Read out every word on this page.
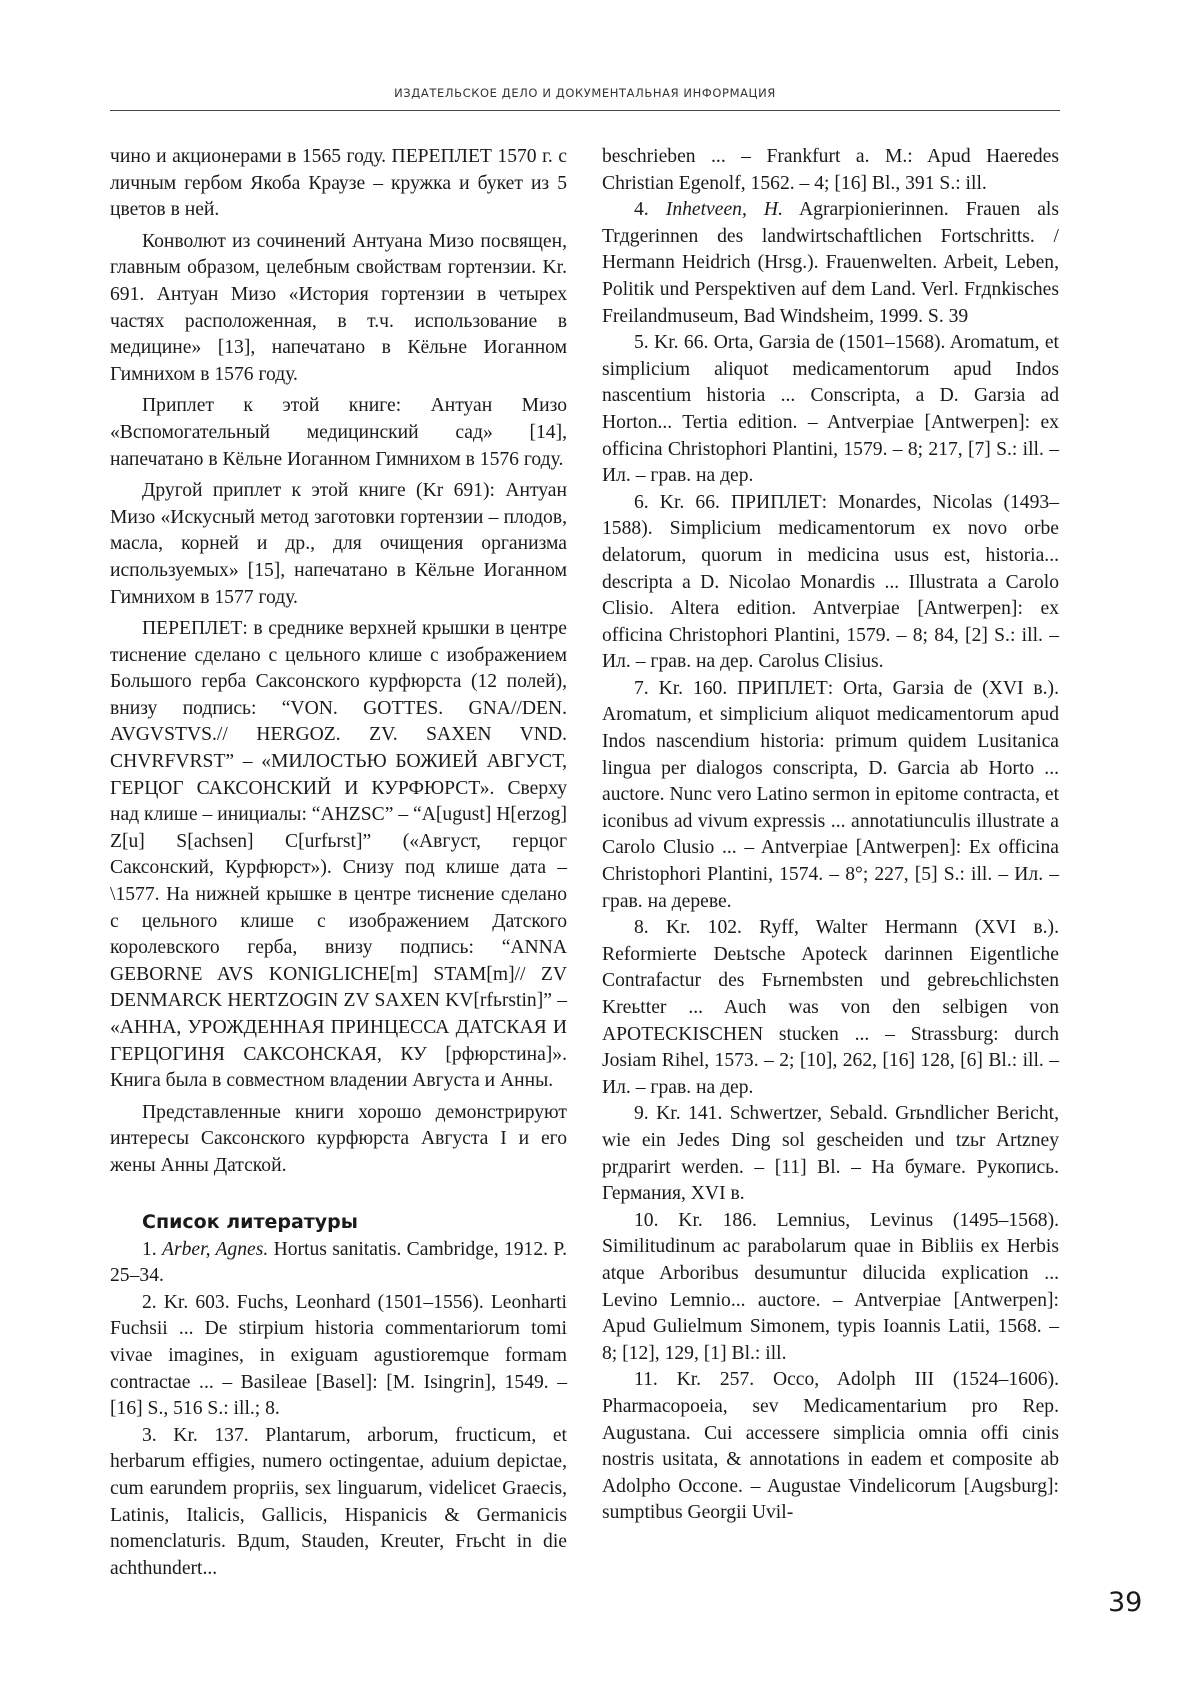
ИЗДАТЕЛЬСКОЕ ДЕЛО И ДОКУМЕНТАЛЬНАЯ ИНФОРМАЦИЯ

чино и акционерами в 1565 году. ПЕРЕПЛЕТ 1570 г. с личным гербом Якоба Краузе – кружка и букет из 5 цветов в ней.

Конволют из сочинений Антуана Мизо посвящен, главным образом, целебным свойствам гортензии. Kr. 691. Антуан Мизо «История гортензии в четырех частях расположенная, в т.ч. использование в медицине» [13], напечатано в Кёльне Иоганном Гимнихом в 1576 году.

Приплет к этой книге: Антуан Мизо «Вспомогательный медицинский сад» [14], напечатано в Кёльне Иоганном Гимнихом в 1576 году.

Другой приплет к этой книге (Kr 691): Антуан Мизо «Искусный метод заготовки гортензии – плодов, масла, корней и др., для очищения организма используемых» [15], напечатано в Кёльне Иоганном Гимнихом в 1577 году.

ПЕРЕПЛЕТ: в среднике верхней крышки в центре тиснение сделано с цельного клише с изображением Большого герба Саксонского курфюрста (12 полей), внизу подпись: “VON. GOTTES. GNA//DEN. AVGVSTVS.// HERGOZ. ZV. SAXEN VND. CHVRFVRST” – «МИЛОСТЬЮ БОЖИЕЙ АВГУСТ, ГЕРЦОГ САКСОНСКИЙ И КУРФЮРСТ». Сверху над клише – инициалы: “AHZSC” – “A[ugust] H[erzog] Z[u] S[achsen] C[urfьrst]” («Август, герцог Саксонский, Курфюрст»). Снизу под клише дата – \1577. На нижней крышке в центре тиснение сделано с цельного клише с изображением Датского королевского герба, внизу подпись: “ANNA GEBORNE AVS KONIGLICHE[m] STAM[m]// ZV DENMARCK HERTZOGIN ZV SAXEN KV[rfьrstin]” – «АННА, УРОЖДЕННАЯ ПРИНЦЕССА ДАТСКАЯ И ГЕРЦОГИНЯ САКСОНСКАЯ, КУ [рфюрстина]». Книга была в совместном владении Августа и Анны.

Представленные книги хорошо демонстрируют интересы Саксонского курфюрста Августа I и его жены Анны Датской.

Список литературы

1. Arber, Agnes. Hortus sanitatis. Cambridge, 1912. P. 25–34.

2. Kr. 603. Fuchs, Leonhard (1501–1556). Leonharti Fuchsii ... De stirpium historia commentariorum tomi vivae imagines, in exiguam agustioremque formam contractae ... – Basileae [Basel]: [M. Isingrin], 1549. – [16] S., 516 S.: ill.; 8.

3. Kr. 137. Plantarum, arborum, fructicum, et herbarum effigies, numero octingentae, aduium depictae, cum earundem propriis, sex linguarum, videlicet Graecis, Latinis, Italicis, Gallicis, Hispanicis & Germanicis nomenclaturis. Bдum, Stauden, Kreuter, Frьcht in die achthundert...

beschrieben ... – Frankfurt a. M.: Apud Haeredes Christian Egenolf, 1562. – 4; [16] Bl., 391 S.: ill.

4. Inhetveen, H. Agrarpionierinnen. Frauen als Trдgerinnen des landwirtschaftlichen Fortschritts. / Hermann Heidrich (Hrsg.). Frauenwelten. Arbeit, Leben, Politik und Perspektiven auf dem Land. Verl. Frдnkisches Freilandmuseum, Bad Windsheim, 1999. S. 39

5. Kr. 66. Orta, Garзia de (1501–1568). Aromatum, et simplicium aliquot medicamentorum apud Indos nascentium historia ... Conscripta, a D. Garзia ad Horton... Tertia edition. – Antverpiae [Antwerpen]: ex officina Christophori Plantini, 1579. – 8; 217, [7] S.: ill. – Ил. – грав. на дер.

6. Kr. 66. ПРИПЛЕТ: Monardes, Nicolas (1493–1588). Simplicium medicamentorum ex novo orbe delatorum, quorum in medicina usus est, historia... descripta a D. Nicolao Monardis ... Illustrata a Carolo Clisio. Altera edition. Antverpiae [Antwerpen]: ex officina Christophori Plantini, 1579. – 8; 84, [2] S.: ill. – Ил. – грав. на дер. Carolus Clisius.

7. Kr. 160. ПРИПЛЕТ: Orta, Garзia de (XVI в.). Aromatum, et simplicium aliquot medicamentorum apud Indos nascendium historia: primum quidem Lusitanica lingua per dialogos conscripta, D. Garcia ab Horto ... auctore. Nunc vero Latino sermon in epitome contracta, et iconibus ad vivum expressis ... annotatiunculis illustrate a Carolo Clusio ... – Antverpiae [Antwerpen]: Ex officina Christophori Plantini, 1574. – 8°; 227, [5] S.: ill. – Ил. – грав. на дереве.

8. Kr. 102. Ryff, Walter Hermann (XVI в.). Reformierte Deьtsche Apoteck darinnen Eigentliche Contrafactur des Fьrnembsten und gebreьchlichsten Kreьtter ... Auch was von den selbigen von APOTECKISCHEN stucken ... – Strassburg: durch Josiam Rihel, 1573. – 2; [10], 262, [16] 128, [6] Bl.: ill. – Ил. – грав. на дер.

9. Kr. 141. Schwertzer, Sebald. Grьndlicher Bericht, wie ein Jedes Ding sol gescheiden und tzьr Artzney prдparirt werden. – [11] Bl. – На бумаге. Рукопись. Германия, XVI в.

10. Kr. 186. Lemnius, Levinus (1495–1568). Similitudinum ac parabolarum quae in Bibliis ex Herbis atque Arboribus desumuntur dilucida explication ... Levino Lemnio... auctore. – Antverpiae [Antwerpen]: Apud Gulielmum Simonem, typis Ioannis Latii, 1568. – 8; [12], 129, [1] Bl.: ill.

11. Kr. 257. Occo, Adolph III (1524–1606). Pharmacopoeia, sev Medicamentarium pro Rep. Augustana. Cui accessere simplicia omnia offi cinis nostris usitata, & annotations in eadem et composite ab Adolpho Occone. – Augustae Vindelicorum [Augsburg]: sumptibus Georgii Uvil-

39
